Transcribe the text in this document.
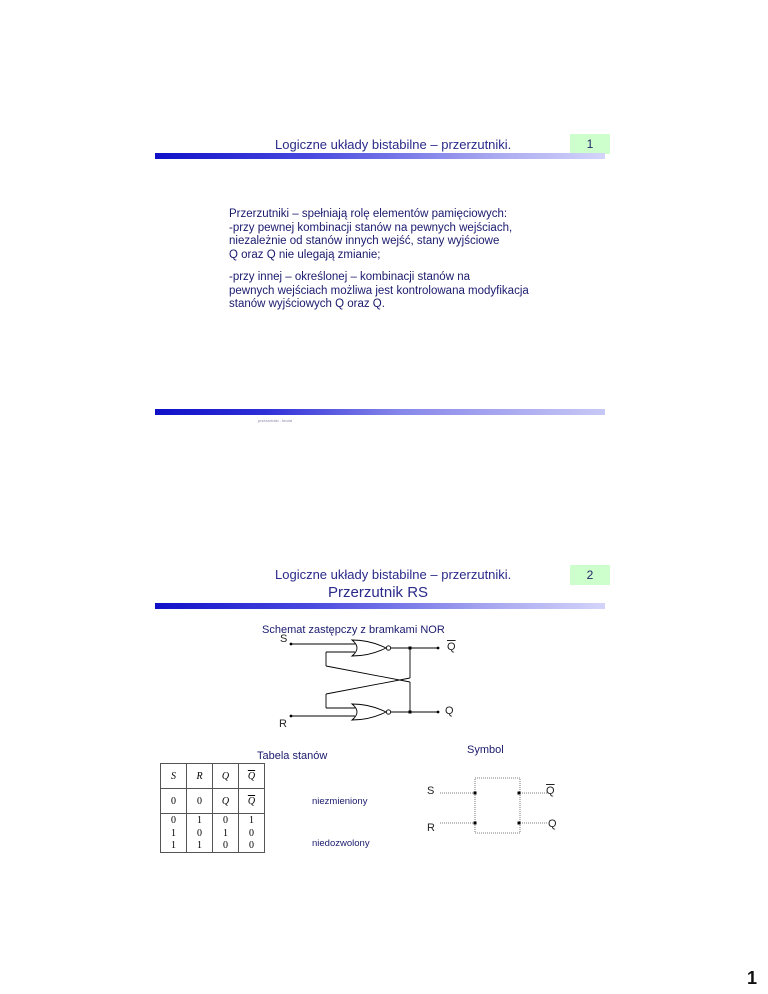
Logiczne układy bistabilne – przerzutniki.	1

Przerzutniki – spełniają rolę elementów pamięciowych:
-przy pewnej kombinacji stanów na pewnych wejściach,
niezależnie od stanów innych wejść, stany wyjściowe
Q oraz Q nie ulegają zmianie;

-przy innej – określonej – kombinacji stanów na
pewnych wejściach możliwa jest kontrolowana modyfikacja
stanów wyjściowych Q oraz Q.

przerzutniki - teoria
Logiczne układy bistabilne – przerzutniki.	2
Przerzutnik RS
Schemat zastępczy z bramkami NOR
S
$\overline{Q}$
R
Q
Tabela stanów	Symbol
S	R	Q	$\overline{Q}$
0	0	Q	$\overline{Q}$
0	1	0	1
1	0	1	0
1	1	0	0
niezmieniony
niedozwolony
S
R
$\overline{Q}$
Q
1
